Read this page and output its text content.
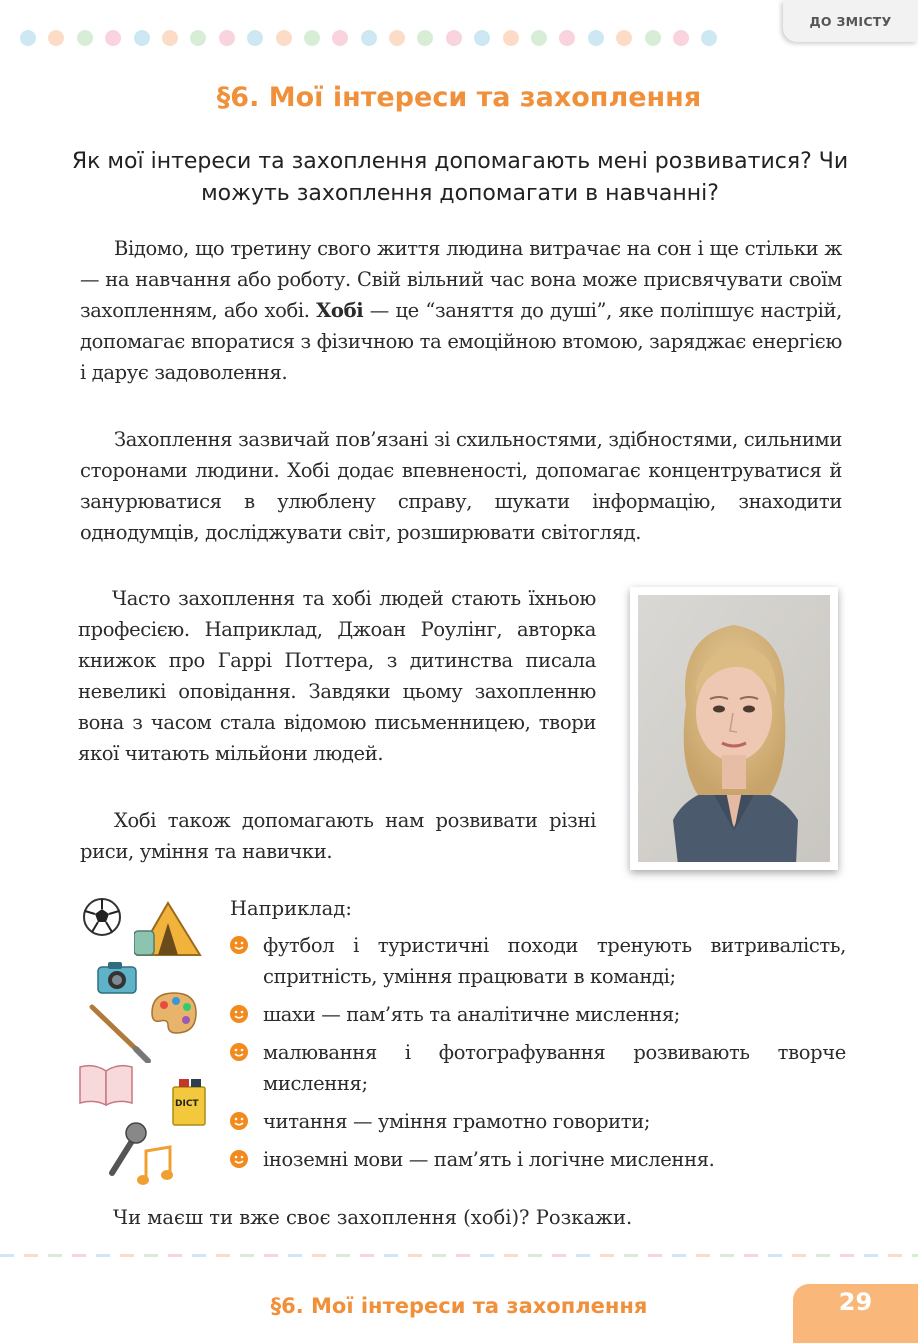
ДО ЗМІСТУ
§6. Мої інтереси та захоплення
Як мої інтереси та захоплення допомагають мені розвиватися? Чи можуть захоплення допомагати в навчанні?

Відомо, що третину свого життя людина витрачає на сон і ще стільки ж — на навчання або роботу. Свій вільний час вона може присвячувати своїм захопленням, або хобі. Хобі — це “заняття до душі”, яке поліпшує настрій, допомагає впоратися з фізичною та емоційною втомою, заряджає енергією і дарує задоволення.

Захоплення зазвичай пов’язані зі схильностями, здібностями, сильними сторонами людини. Хобі додає впевненості, допомагає концентруватися й занурюватися в улюблену справу, шукати інформацію, знаходити однодумців, досліджувати світ, розширювати світогляд.

Часто захоплення та хобі людей стають їхньою професією. Наприклад, Джоан Роулінг, авторка книжок про Гаррі Поттера, з дитинства писала невеликі оповідання. Завдяки цьому захопленню вона з часом стала відомою письменницею, твори якої читають мільйони людей.

Хобі також допомагають нам розвивати різні риси, уміння та навички.

DICT

Наприклад:

футбол і туристичні походи тренують витривалість, спритність, уміння працювати в команді;
шахи — пам’ять та аналітичне мислення;
малювання і фотографування розвивають творче мислення;
читання — уміння грамотно говорити;
іноземні мови — пам’ять і логічне мислення.

Чи маєш ти вже своє захоплення (хобі)? Розкажи.

§6. Мої інтереси та захоплення	29
